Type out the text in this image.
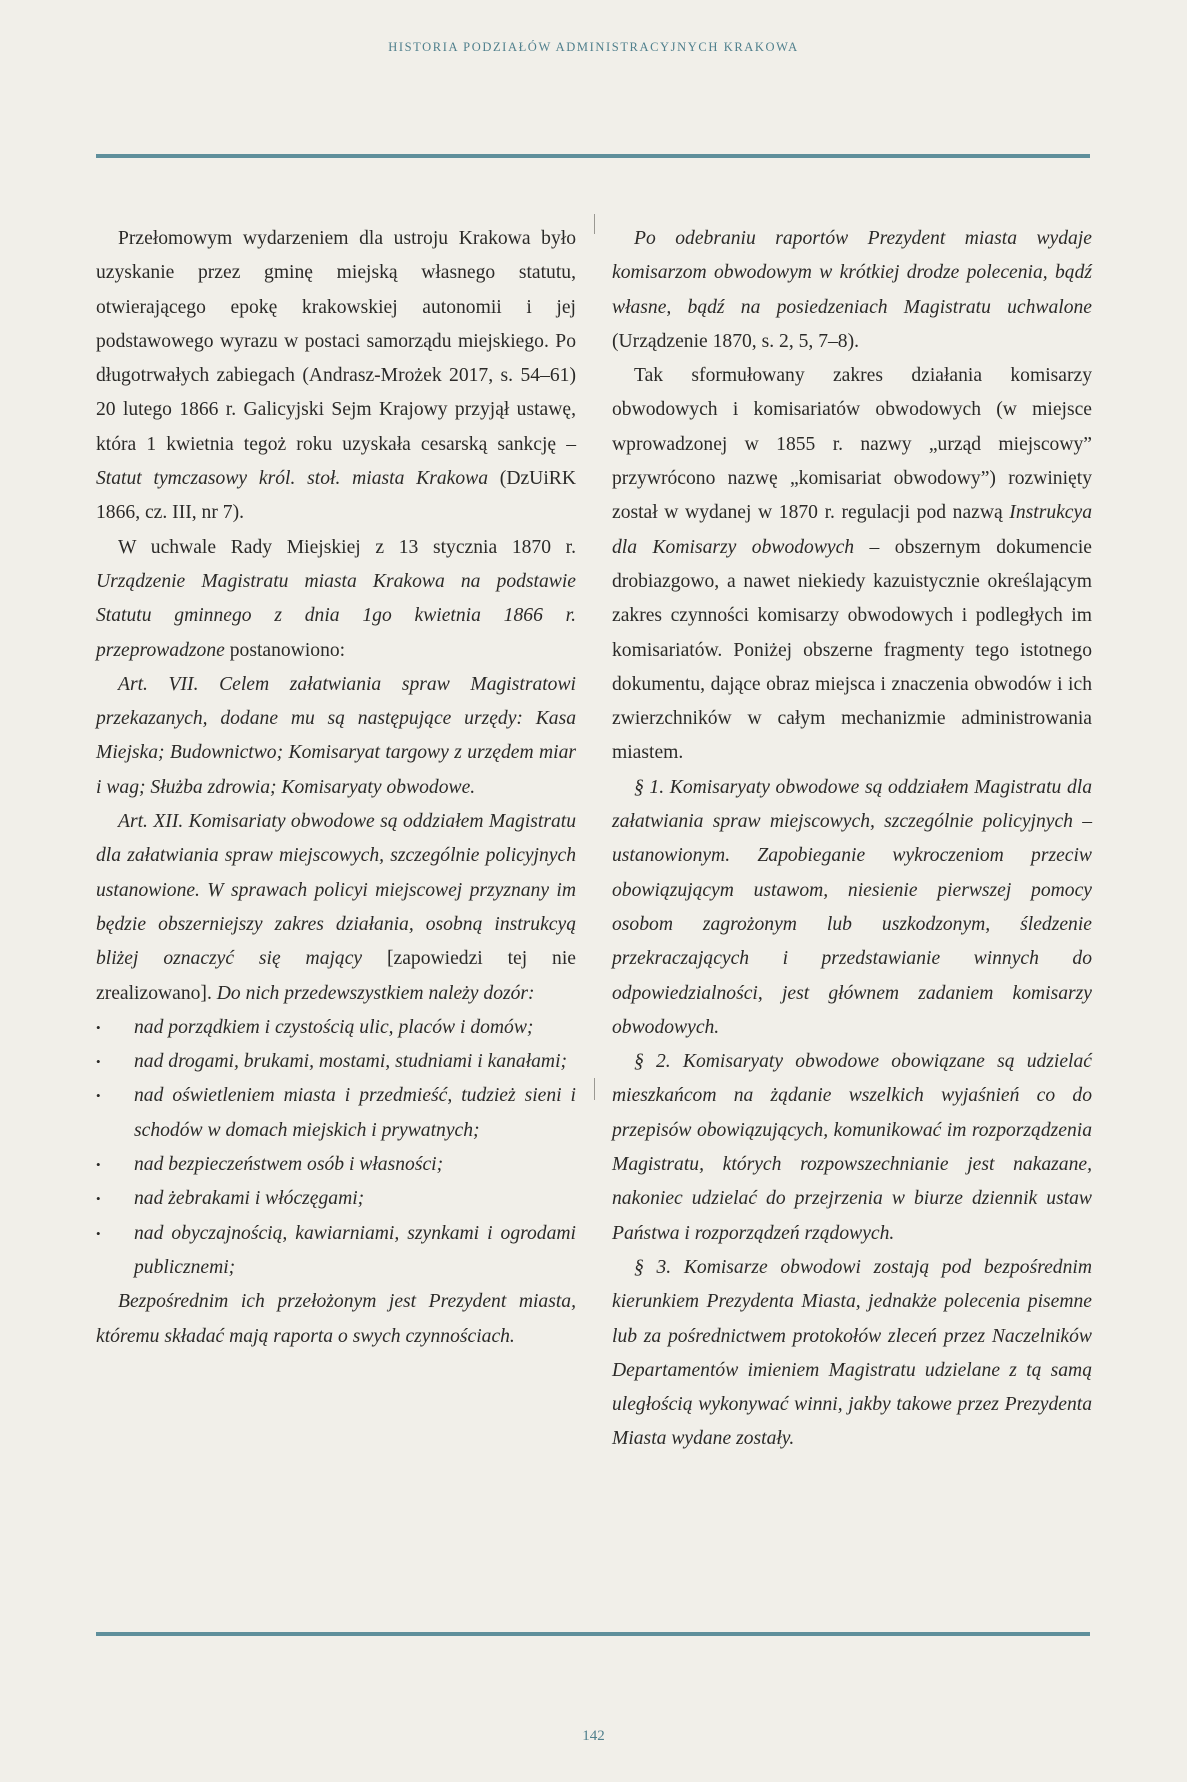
HISTORIA PODZIAŁÓW ADMINISTRACYJNYCH KRAKOWA

Przełomowym wydarzeniem dla ustroju Krakowa było uzyskanie przez gminę miejską własnego statutu, otwierającego epokę krakowskiej autonomii i jej podstawowego wyrazu w postaci samorządu miejskiego. Po długotrwałych zabiegach (Andrasz-Mrożek 2017, s. 54–61) 20 lutego 1866 r. Galicyjski Sejm Krajowy przyjął ustawę, która 1 kwietnia tegoż roku uzyskała cesarską sankcję – Statut tymczasowy król. stoł. miasta Krakowa (DzUiRK 1866, cz. III, nr 7).

W uchwale Rady Miejskiej z 13 stycznia 1870 r. Urządzenie Magistratu miasta Krakowa na podstawie Statutu gminnego z dnia 1go kwietnia 1866 r. przeprowadzone postanowiono:

Art. VII. Celem załatwiania spraw Magistratowi przekazanych, dodane mu są następujące urzędy: Kasa Miejska; Budownictwo; Komisaryat targowy z urzędem miar i wag; Służba zdrowia; Komisaryaty obwodowe.

Art. XII. Komisariaty obwodowe są oddziałem Magistratu dla załatwiania spraw miejscowych, szczególnie policyjnych ustanowione. W sprawach policyi miejscowej przyznany im będzie obszerniejszy zakres działania, osobną instrukcyą bliżej oznaczyć się mający [zapowiedzi tej nie zrealizowano]. Do nich przedewszystkiem należy dozór:

• nad porządkiem i czystością ulic, placów i domów;
• nad drogami, brukami, mostami, studniami i kanałami;
• nad oświetleniem miasta i przedmieść, tudzież sieni i schodów w domach miejskich i prywatnych;
• nad bezpieczeństwem osób i własności;
• nad żebrakami i włóczęgami;
• nad obyczajnością, kawiarniami, szynkami i ogrodami publicznemi;

Bezpośrednim ich przełożonym jest Prezydent miasta, któremu składać mają raporta o swych czynnościach.

Po odebraniu raportów Prezydent miasta wydaje komisarzom obwodowym w krótkiej drodze polecenia, bądź własne, bądź na posiedzeniach Magistratu uchwalone (Urządzenie 1870, s. 2, 5, 7–8).

Tak sformułowany zakres działania komisarzy obwodowych i komisariatów obwodowych (w miejsce wprowadzonej w 1855 r. nazwy „urząd miejscowy” przywrócono nazwę „komisariat obwodowy”) rozwinięty został w wydanej w 1870 r. regulacji pod nazwą Instrukcya dla Komisarzy obwodowych – obszernym dokumencie drobiazgowo, a nawet niekiedy kazuistycznie określającym zakres czynności komisarzy obwodowych i podległych im komisariatów. Poniżej obszerne fragmenty tego istotnego dokumentu, dające obraz miejsca i znaczenia obwodów i ich zwierzchników w całym mechanizmie administrowania miastem.

§ 1. Komisaryaty obwodowe są oddziałem Magistratu dla załatwiania spraw miejscowych, szczególnie policyjnych – ustanowionym. Zapobieganie wykroczeniom przeciw obowiązującym ustawom, niesienie pierwszej pomocy osobom zagrożonym lub uszkodzonym, śledzenie przekraczających i przedstawianie winnych do odpowiedzialności, jest głównem zadaniem komisarzy obwodowych.

§ 2. Komisaryaty obwodowe obowiązane są udzielać mieszkańcom na żądanie wszelkich wyjaśnień co do przepisów obowiązujących, komunikować im rozporządzenia Magistratu, których rozpowszechnianie jest nakazane, nakoniec udzielać do przejrzenia w biurze dziennik ustaw Państwa i rozporządzeń rządowych.

§ 3. Komisarze obwodowi zostają pod bezpośrednim kierunkiem Prezydenta Miasta, jednakże polecenia pisemne lub za pośrednictwem protokołów zleceń przez Naczelników Departamentów imieniem Magistratu udzielane z tą samą uległością wykonywać winni, jakby takowe przez Prezydenta Miasta wydane zostały.

142
